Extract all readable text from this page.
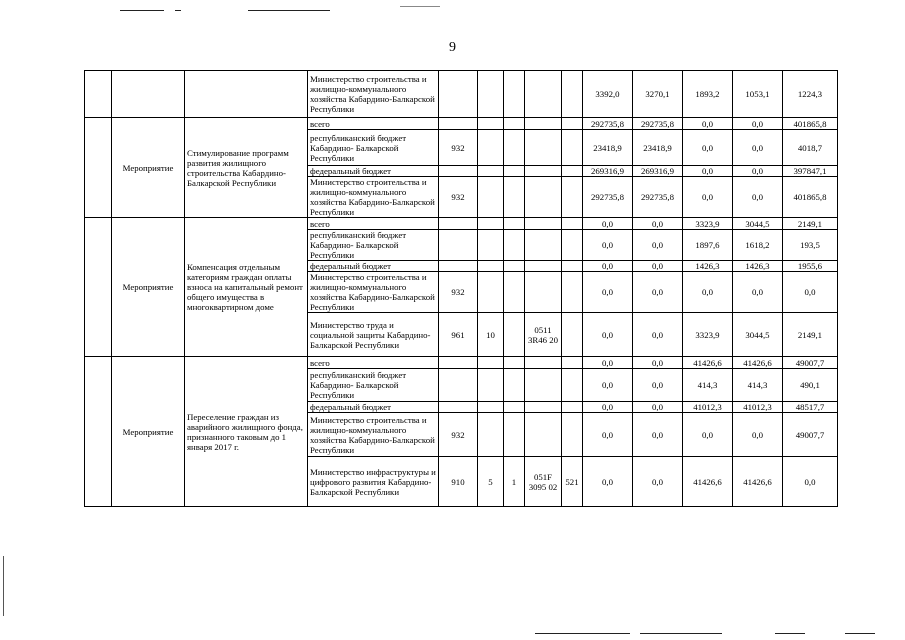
9
			Министерство строительства и жилищно-коммунального хозяйства Кабардино-Балкарской Республики						3392,0	3270,1	1893,2	1053,1	1224,3
	Мероприятие	Стимулирование программ развития жилищного строительства Кабардино-Балкарской Республики	всего						292735,8	292735,8	0,0	0,0	401865,8
			республиканский бюджет Кабардино- Балкарской Республики	932					23418,9	23418,9	0,0	0,0	4018,7
			федеральный бюджет						269316,9	269316,9	0,0	0,0	397847,1
			Министерство строительства и жилищно-коммунального хозяйства Кабардино-Балкарской Республики	932					292735,8	292735,8	0,0	0,0	401865,8
	Мероприятие	Компенсация отдельным категориям граждан оплаты взноса на капитальный ремонт общего имущества в многоквартирном доме	всего						0,0	0,0	3323,9	3044,5	2149,1
			республиканский бюджет Кабардино- Балкарской Республики						0,0	0,0	1897,6	1618,2	193,5
			федеральный бюджет						0,0	0,0	1426,3	1426,3	1955,6
			Министерство строительства и жилищно-коммунального хозяйства Кабардино-Балкарской Республики	932					0,0	0,0	0,0	0,0	0,0
			Министерство труда и социальной защиты Кабардино-Балкарской Республики	961	10		0511 3R46 20		0,0	0,0	3323,9	3044,5	2149,1
	Мероприятие	Переселение граждан из аварийного жилищного фонда, признанного таковым до 1 января 2017 г.	всего						0,0	0,0	41426,6	41426,6	49007,7
			республиканский бюджет Кабардино- Балкарской Республики						0,0	0,0	414,3	414,3	490,1
			федеральный бюджет						0,0	0,0	41012,3	41012,3	48517,7
			Министерство строительства и жилищно-коммунального хозяйства Кабардино-Балкарской Республики	932					0,0	0,0	0,0	0,0	49007,7
			Министерство инфраструктуры и цифрового развития Кабардино-Балкарской Республики	910	5	1	051F 3095 02	521	0,0	0,0	41426,6	41426,6	0,0
